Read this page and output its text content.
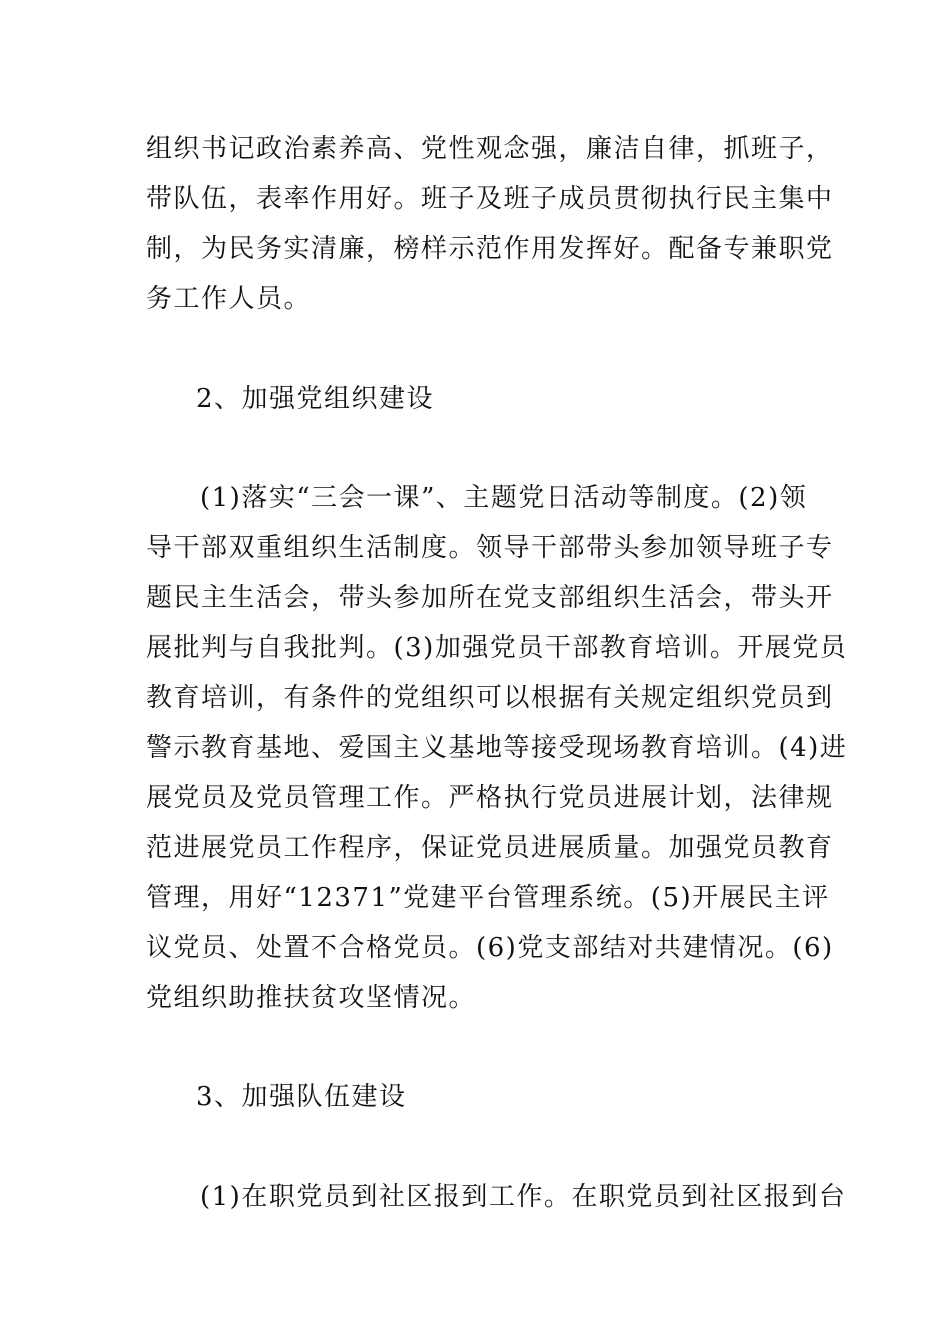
组织书记政治素养高、党性观念强，廉洁自律，抓班子，
带队伍，表率作用好。班子及班子成员贯彻执行民主集中
制，为民务实清廉，榜样示范作用发挥好。配备专兼职党
务工作人员。
2、加强党组织建设
(1)落实“三会一课”、主题党日活动等制度。(2)领
导干部双重组织生活制度。领导干部带头参加领导班子专
题民主生活会，带头参加所在党支部组织生活会，带头开
展批判与自我批判。(3)加强党员干部教育培训。开展党员
教育培训，有条件的党组织可以根据有关规定组织党员到
警示教育基地、爱国主义基地等接受现场教育培训。(4)进
展党员及党员管理工作。严格执行党员进展计划，法律规
范进展党员工作程序，保证党员进展质量。加强党员教育
管理，用好“12371”党建平台管理系统。(5)开展民主评
议党员、处置不合格党员。(6)党支部结对共建情况。(6)
党组织助推扶贫攻坚情况。
3、加强队伍建设
(1)在职党员到社区报到工作。在职党员到社区报到台
